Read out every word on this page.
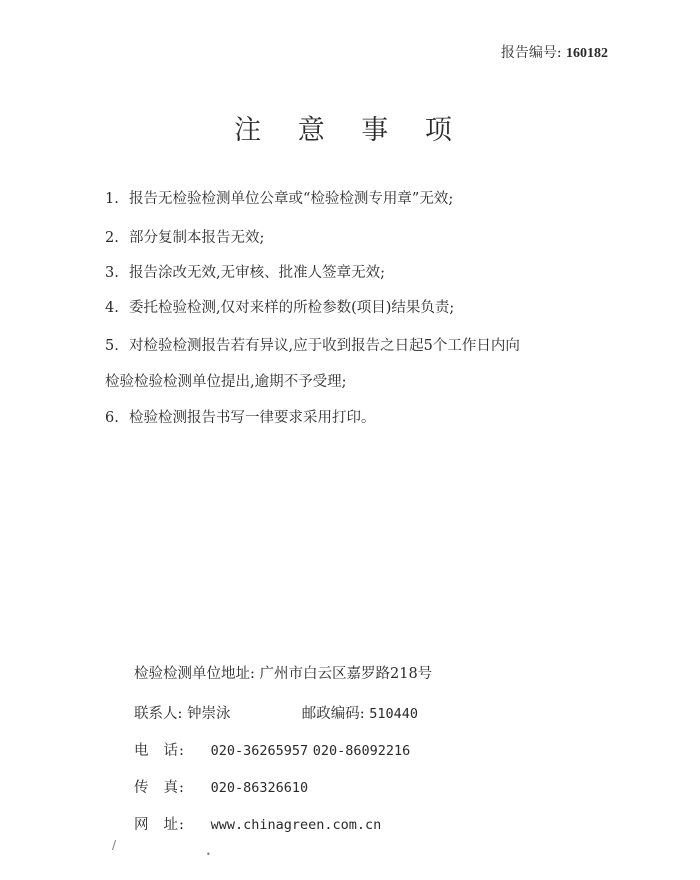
报告编号: 160182
注 意 事 项
1. 报告无检验检测单位公章或“检验检测专用章”无效;
2. 部分复制本报告无效;
3. 报告涂改无效,无审核、批准人签章无效;
4. 委托检验检测,仅对来样的所检参数(项目)结果负责;
5. 对检验检测报告若有异议,应于收到报告之日起5个工作日内向
检验检验检测单位提出,逾期不予受理;
6. 检验检测报告书写一律要求采用打印。
检验检测单位地址: 广州市白云区嘉罗路218号
联系人: 钟崇泳	邮政编码: 510440
电 话: 020-36265957 020-86092216
传 真: 020-86326610
网 址: www.chinagreen.com.cn
/
•
